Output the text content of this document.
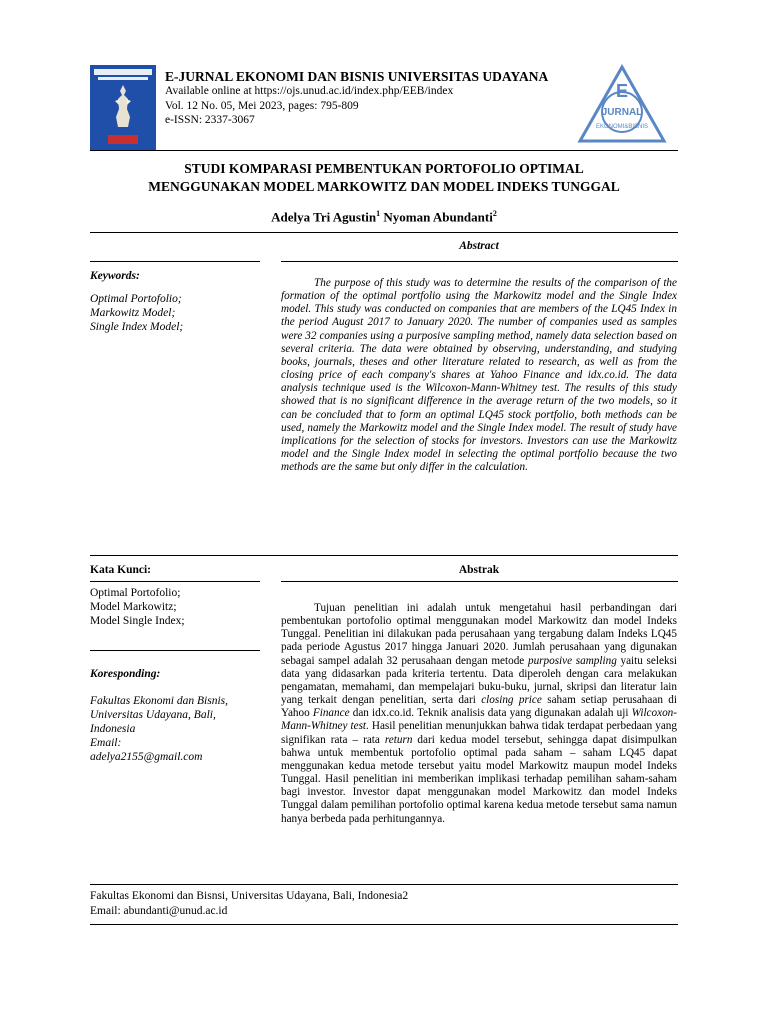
E-JURNAL EKONOMI DAN BISNIS UNIVERSITAS UDAYANA
Available online at https://ojs.unud.ac.id/index.php/EEB/index
Vol. 12 No. 05, Mei 2023, pages: 795-809
e-ISSN: 2337-3067
E
JURNAL
EKONOMI&BISNIS
STUDI KOMPARASI PEMBENTUKAN PORTOFOLIO OPTIMAL
MENGGUNAKAN MODEL MARKOWITZ DAN MODEL INDEKS TUNGGAL
Adelya Tri Agustin$^1$ Nyoman Abundanti$^2$
Abstract
Keywords:
Optimal Portofolio;
Markowitz Model;
Single Index Model;

The purpose of this study was to determine the results of the comparison of the formation of the optimal portfolio using the Markowitz model and the Single Index model. This study was conducted on companies that are members of the LQ45 Index in the period August 2017 to January 2020. The number of companies used as samples were 32 companies using a purposive sampling method, namely data selection based on several criteria. The data were obtained by observing, understanding, and studying books, journals, theses and other literature related to research, as well as from the closing price of each company's shares at Yahoo Finance and idx.co.id. The data analysis technique used is the Wilcoxon-Mann-Whitney test. The results of this study showed that is no significant difference in the average return of the two models, so it can be concluded that to form an optimal LQ45 stock portfolio, both methods can be used, namely the Markowitz model and the Single Index model. The result of study have implications for the selection of stocks for investors. Investors can use the Markowitz model and the Single Index model in selecting the optimal portfolio because the two methods are the same but only differ in the calculation.

Kata Kunci:	Abstrak
Optimal Portofolio;
Model Markowitz;
Model Single Index;
Koresponding:
Fakultas Ekonomi dan Bisnis,
Universitas Udayana, Bali,
Indonesia
Email:
adelya2155@gmail.com

Tujuan penelitian ini adalah untuk mengetahui hasil perbandingan dari pembentukan portofolio optimal menggunakan model Markowitz dan model Indeks Tunggal. Penelitian ini dilakukan pada perusahaan yang tergabung dalam Indeks LQ45 pada periode Agustus 2017 hingga Januari 2020. Jumlah perusahaan yang digunakan sebagai sampel adalah 32 perusahaan dengan metode purposive sampling yaitu seleksi data yang didasarkan pada kriteria tertentu. Data diperoleh dengan cara melakukan pengamatan, memahami, dan mempelajari buku-buku, jurnal, skripsi dan literatur lain yang terkait dengan penelitian, serta dari closing price saham setiap perusahaan di Yahoo Finance dan idx.co.id. Teknik analisis data yang digunakan adalah uji Wilcoxon-Mann-Whitney test. Hasil penelitian menunjukkan bahwa tidak terdapat perbedaan yang signifikan rata – rata return dari kedua model tersebut, sehingga dapat disimpulkan bahwa untuk membentuk portofolio optimal pada saham – saham LQ45 dapat menggunakan kedua metode tersebut yaitu model Markowitz maupun model Indeks Tunggal. Hasil penelitian ini memberikan implikasi terhadap pemilihan saham-saham bagi investor. Investor dapat menggunakan model Markowitz dan model Indeks Tunggal dalam pemilihan portofolio optimal karena kedua metode tersebut sama namun hanya berbeda pada perhitungannya.

Fakultas Ekonomi dan Bisnsi, Universitas Udayana, Bali, Indonesia2
Email: abundanti@unud.ac.id
